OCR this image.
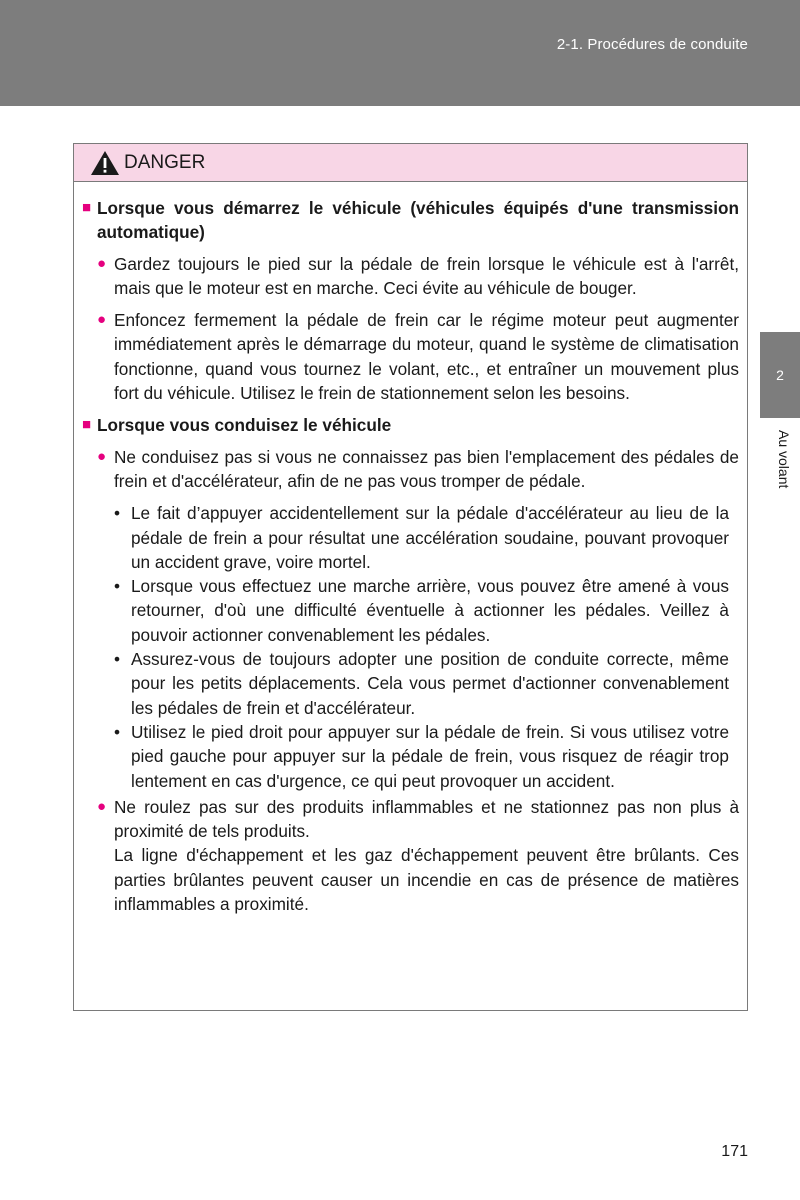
2-1. Procédures de conduite
2
Au volant
DANGER
■ Lorsque vous démarrez le véhicule (véhicules équipés d'une transmission automatique)
● Gardez toujours le pied sur la pédale de frein lorsque le véhicule est à l'arrêt, mais que le moteur est en marche. Ceci évite au véhicule de bouger.
● Enfoncez fermement la pédale de frein car le régime moteur peut augmenter immédiatement après le démarrage du moteur, quand le système de climatisation fonctionne, quand vous tournez le volant, etc., et entraîner un mouvement plus fort du véhicule. Utilisez le frein de stationnement selon les besoins.
■ Lorsque vous conduisez le véhicule
● Ne conduisez pas si vous ne connaissez pas bien l'emplacement des pédales de frein et d'accélérateur, afin de ne pas vous tromper de pédale.
• Le fait d’appuyer accidentellement sur la pédale d'accélérateur au lieu de la pédale de frein a pour résultat une accélération soudaine, pouvant provoquer un accident grave, voire mortel.
• Lorsque vous effectuez une marche arrière, vous pouvez être amené à vous retourner, d'où une difficulté éventuelle à actionner les pédales. Veillez à pouvoir actionner convenablement les pédales.
• Assurez-vous de toujours adopter une position de conduite correcte, même pour les petits déplacements. Cela vous permet d'actionner convenablement les pédales de frein et d'accélérateur.
• Utilisez le pied droit pour appuyer sur la pédale de frein. Si vous utilisez votre pied gauche pour appuyer sur la pédale de frein, vous risquez de réagir trop lentement en cas d'urgence, ce qui peut provoquer un accident.
● Ne roulez pas sur des produits inflammables et ne stationnez pas non plus à proximité de tels produits.
La ligne d'échappement et les gaz d'échappement peuvent être brûlants. Ces parties brûlantes peuvent causer un incendie en cas de présence de matières inflammables a proximité.
171
